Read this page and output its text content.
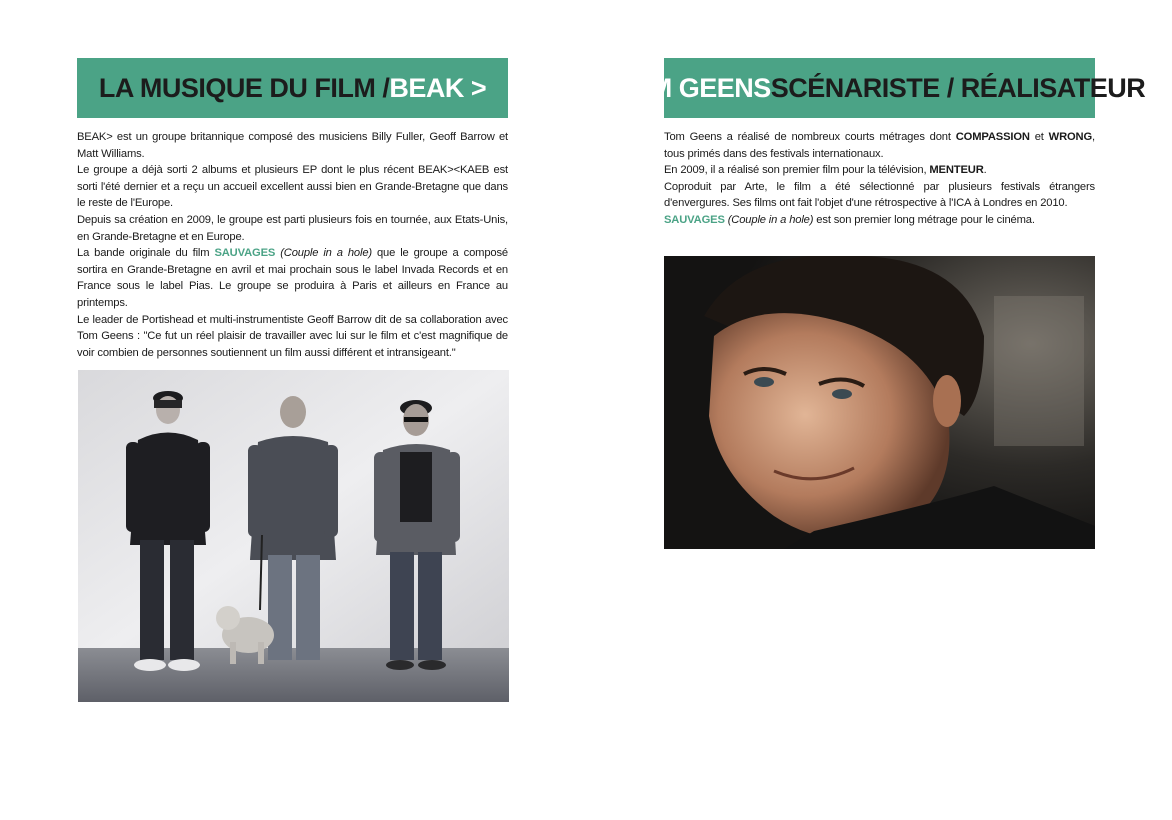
LA MUSIQUE DU FILM / BEAK >

BEAK> est un groupe britannique composé des musiciens Billy Fuller, Geoff Barrow et Matt Williams.

Le groupe a déjà sorti 2 albums et plusieurs EP dont le plus récent BEAK><KAEB est sorti l'été dernier et a reçu un accueil excellent aussi bien en Grande-Bretagne que dans le reste de l'Europe.

Depuis sa création en 2009, le groupe est parti plusieurs fois en tournée, aux Etats-Unis, en Grande-Bretagne et en Europe.

La bande originale du film SAUVAGES (Couple in a hole) que le groupe a composé sortira en Grande-Bretagne en avril et mai prochain sous le label Invada Records et en France sous le label Pias. Le groupe se produira à Paris et ailleurs en France au printemps.

Le leader de Portishead et multi-instrumentiste Geoff Barrow dit de sa collaboration avec Tom Geens : "Ce fut un réel plaisir de travailler avec lui sur le film et c'est magnifique de voir combien de personnes soutiennent un film aussi différent et intransigeant."

TOM GEENS SCÉNARISTE / RÉALISATEUR

Tom Geens a réalisé de nombreux courts métrages dont COMPASSION et WRONG, tous primés dans des festivals internationaux.

En 2009, il a réalisé son premier film pour la télévision, MENTEUR.

Coproduit par Arte, le film a été sélectionné par plusieurs festivals étrangers d'envergures. Ses films ont fait l'objet d'une rétrospective à l'ICA à Londres en 2010.

SAUVAGES (Couple in a hole) est son premier long métrage pour le cinéma.
